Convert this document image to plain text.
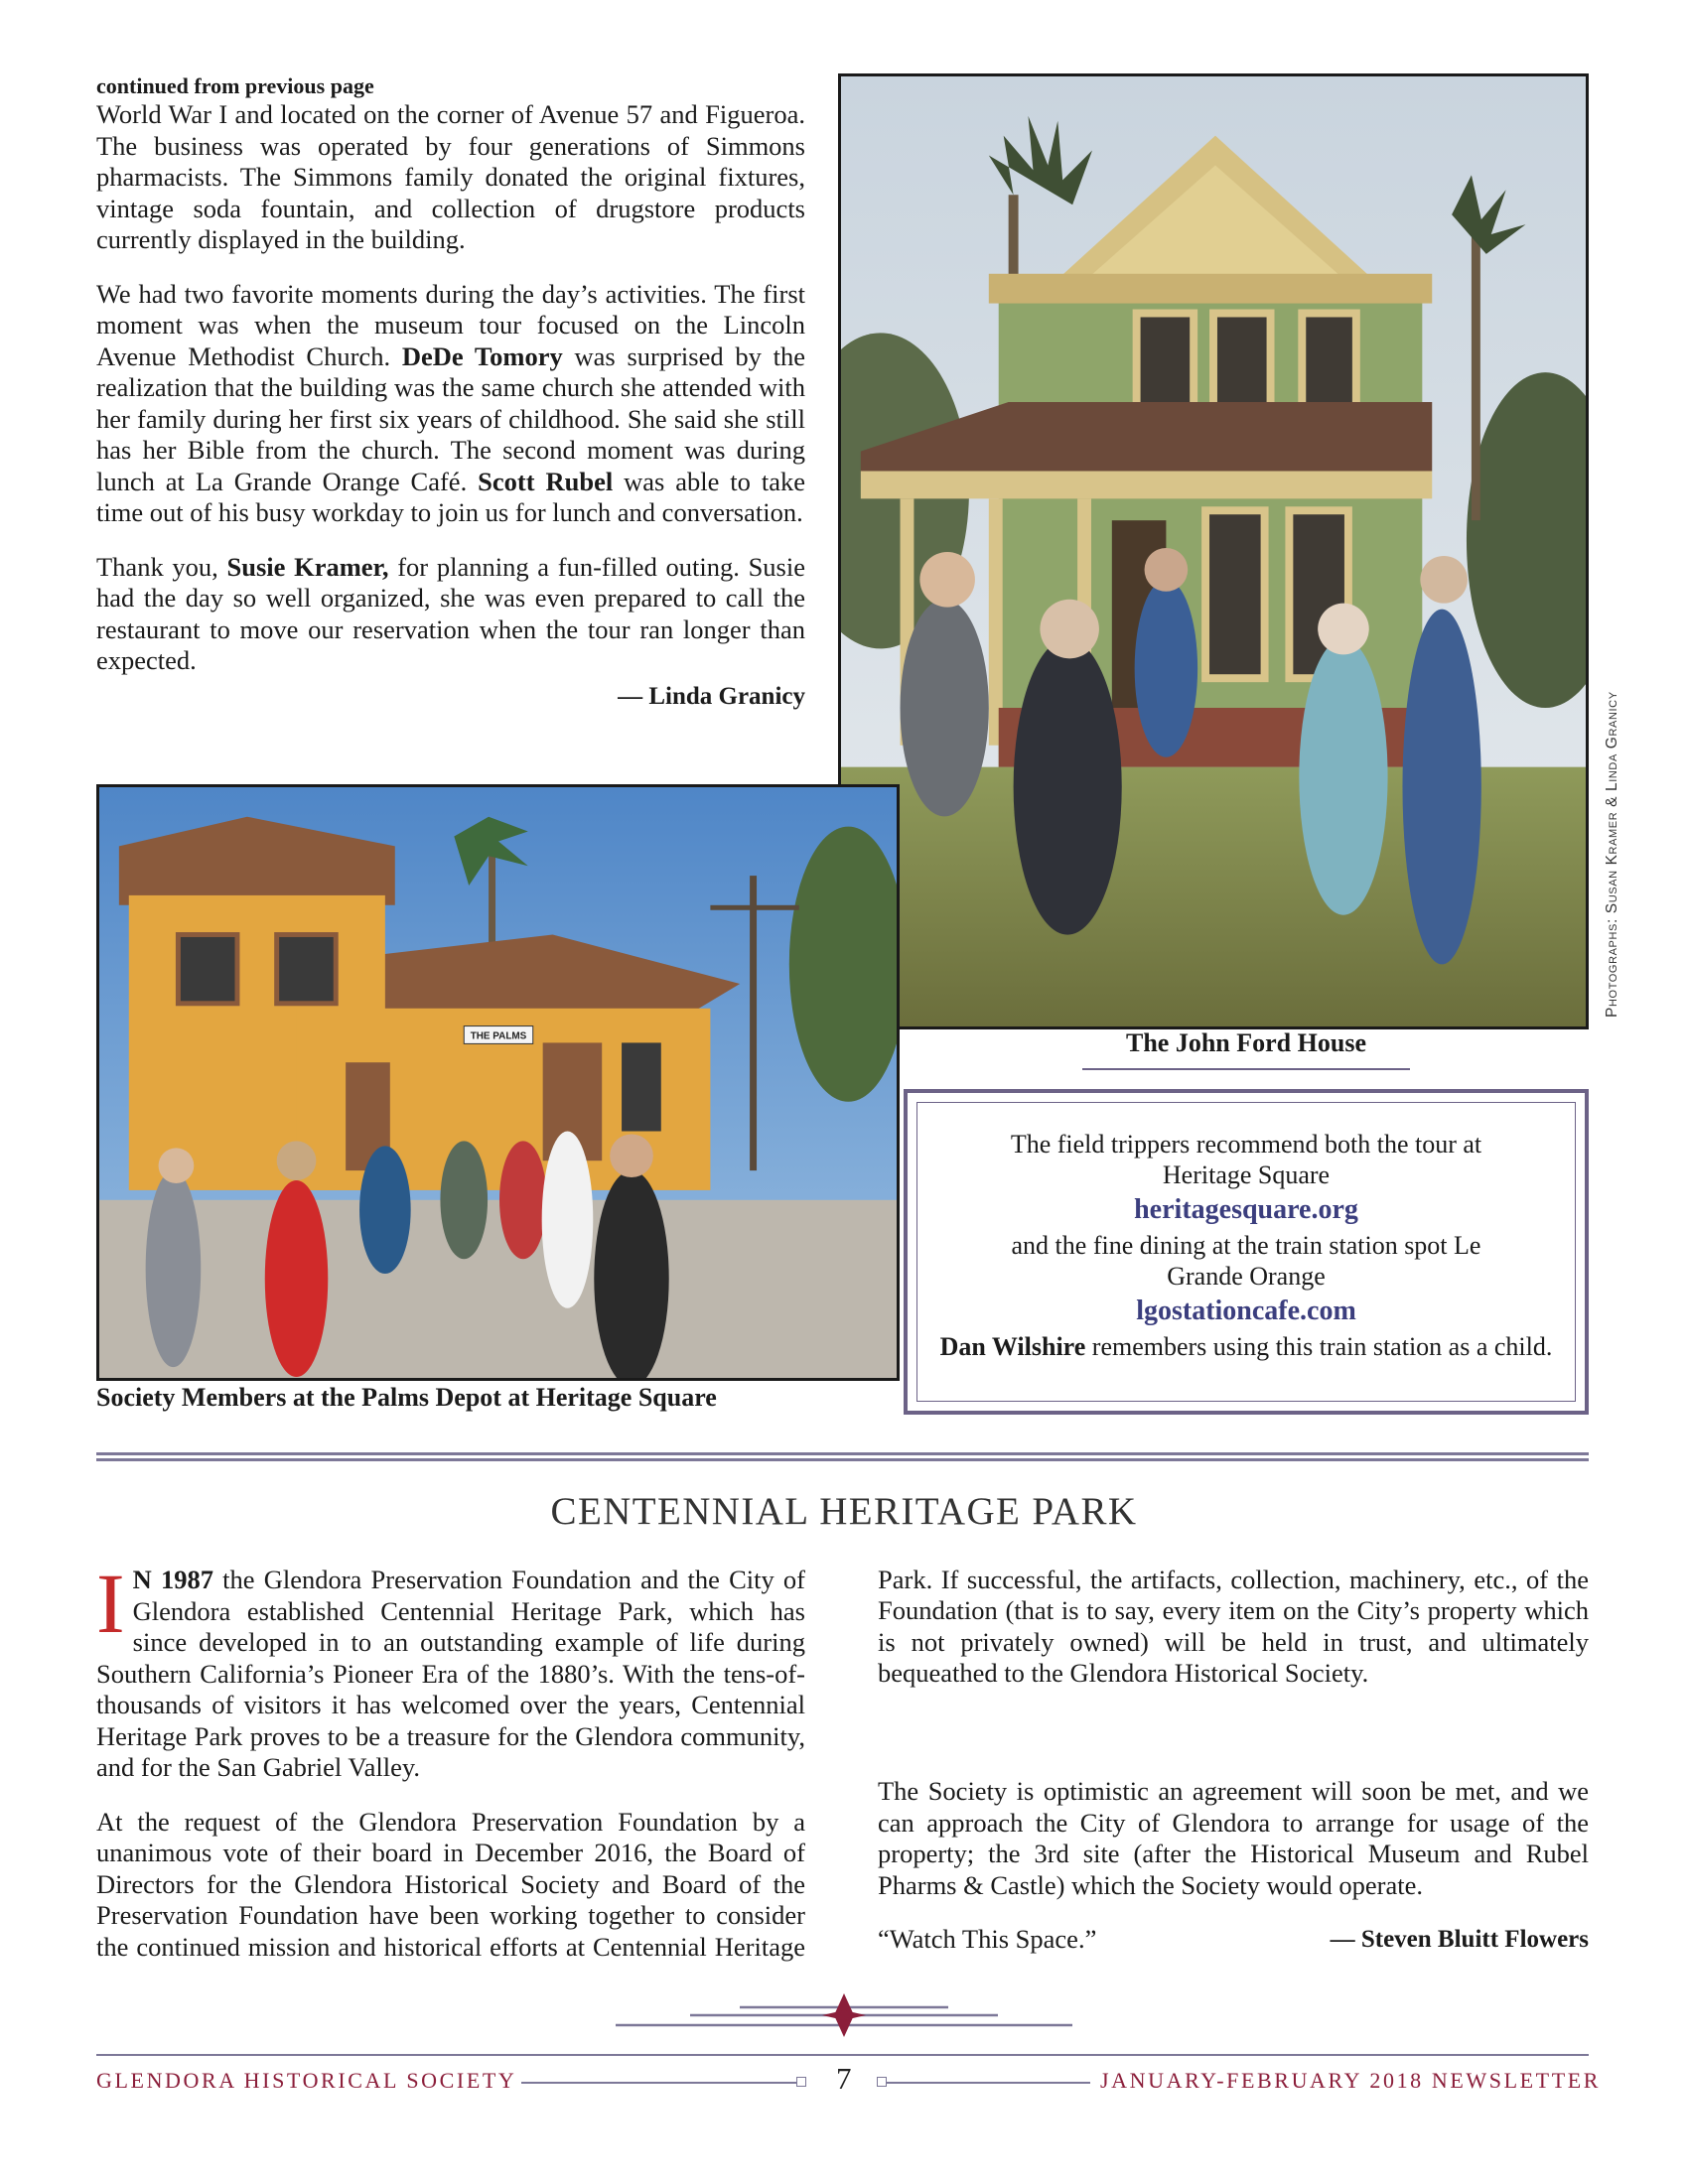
continued from previous page

World War I and located on the corner of Avenue 57 and Figueroa. The business was operated by four generations of Simmons pharmacists. The Simmons family donated the original fixtures, vintage soda fountain, and collection of drugstore products currently displayed in the building.

We had two favorite moments during the day’s activities. The first moment was when the museum tour focused on the Lincoln Avenue Methodist Church. DeDe Tomory was surprised by the realization that the building was the same church she attended with her family during her first six years of childhood. She said she still has her Bible from the church. The second moment was during lunch at La Grande Orange Café. Scott Rubel was able to take time out of his busy workday to join us for lunch and conversation.

Thank you, Susie Kramer, for planning a fun-filled outing. Susie had the day so well organized, she was even prepared to call the restaurant to move our reservation when the tour ran longer than expected.

— Linda Granicy	Photographs: Susan Kramer & Linda Granicy
The John Ford House
THE PALMS
Society Members at the Palms Depot at Heritage Square
The field trippers recommend both the tour at Heritage Square
heritagesquare.org
and the fine dining at the train station spot Le Grande Orange
lgostationcafe.com
Dan Wilshire remembers using this train station as a child.
CENTENNIAL HERITAGE PARK

I N 1987 the Glendora Preservation Foundation and the City of Glendora established Centennial Heritage Park, which has since developed in to an outstanding example of life during Southern California’s Pioneer Era of the 1880’s. With the tens-of-thousands of visitors it has welcomed over the years, Centennial Heritage Park proves to be a treasure for the Glendora community, and for the San Gabriel Valley.

At the request of the Glendora Preservation Foundation by a unanimous vote of their board in December 2016, the Board of Directors for the Glendora Historical Society and Board of the Preservation Foundation have been working together to consider the continued mission and historical efforts at Centennial Heritage

Park. If successful, the artifacts, collection, machinery, etc., of the Foundation (that is to say, every item on the City’s property which is not privately owned) will be held in trust, and ultimately bequeathed to the Glendora Historical Society.

The Society is optimistic an agreement will soon be met, and we can approach the City of Glendora to arrange for usage of the property; the 3rd site (after the Historical Museum and Rubel Pharms & Castle) which the Society would operate.

“Watch This Space.”	— Steven Bluitt Flowers
GLENDORA HISTORICAL SOCIETY	7	JANUARY-FEBRUARY 2018 NEWSLETTER
